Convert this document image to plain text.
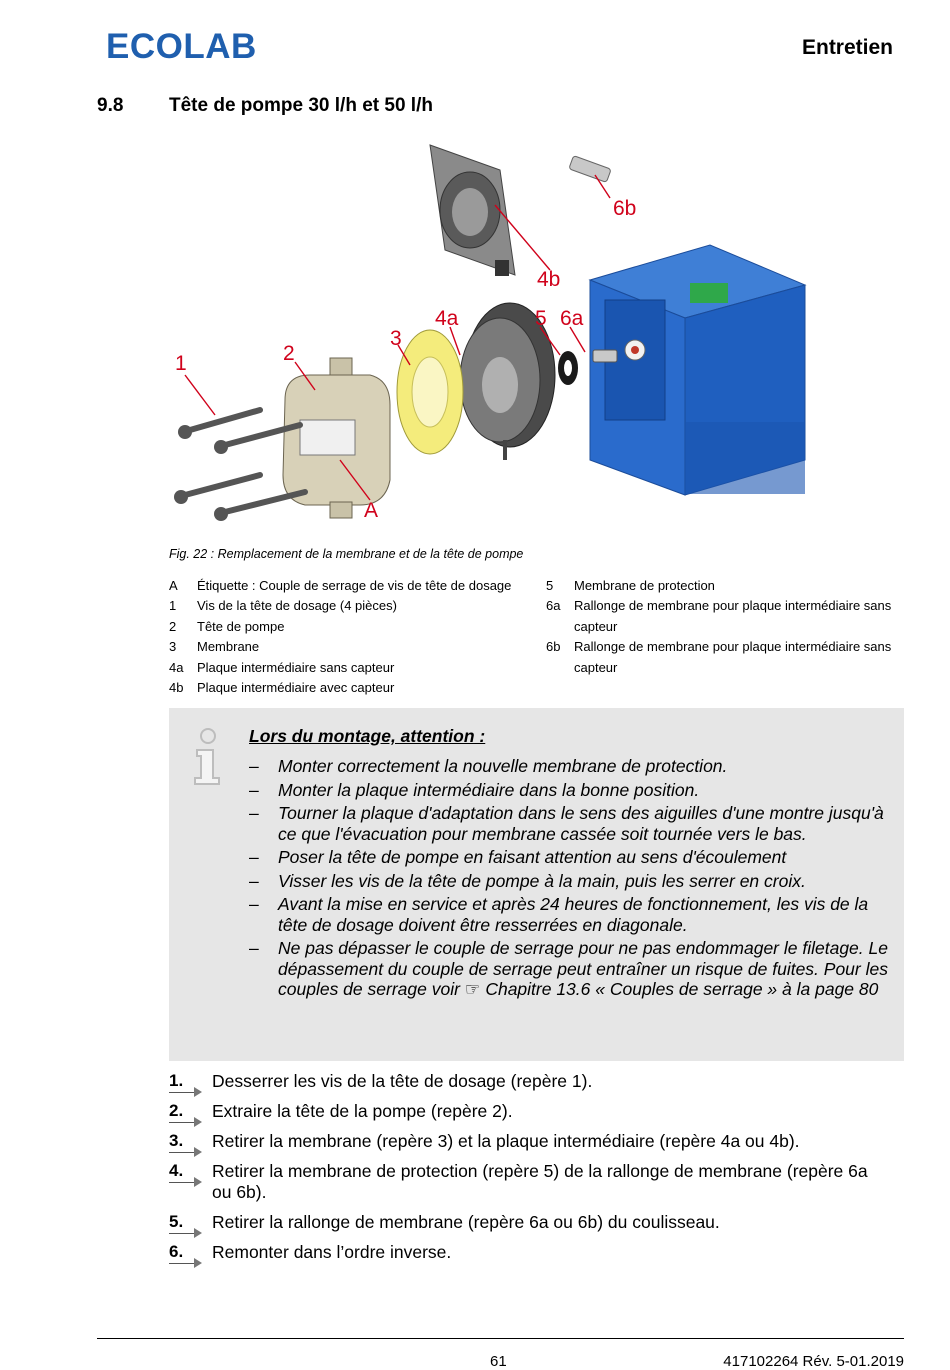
ECOLAB	Entretien
9.8 Tête de pompe 30 l/h et 50 l/h
1	2
3
4a
4b
5 6a
6b
A
Fig. 22 : Remplacement de la membrane et de la tête de pompe
A	Étiquette : Couple de serrage de vis de tête de dosage
1	Vis de la tête de dosage (4 pièces)
2	Tête de pompe
3	Membrane
4a	Plaque intermédiaire sans capteur
4b	Plaque intermédiaire avec capteur
5	Membrane de protection
6a	Rallonge de membrane pour plaque intermédiaire sans capteur
6b	Rallonge de membrane pour plaque intermédiaire sans capteur
Lors du montage, attention :
– Monter correctement la nouvelle membrane de protection.
– Monter la plaque intermédiaire dans la bonne position.
– Tourner la plaque d'adaptation dans le sens des aiguilles d'une montre jusqu'à ce que l'évacuation pour membrane cassée soit tournée vers le bas.
– Poser la tête de pompe en faisant attention au sens d'écoulement
– Visser les vis de la tête de pompe à la main, puis les serrer en croix.
– Avant la mise en service et après 24 heures de fonctionnement, les vis de la tête de dosage doivent être resserrées en diagonale.
– Ne pas dépasser le couple de serrage pour ne pas endommager le filetage. Le dépassement du couple de serrage peut entraîner un risque de fuites. Pour les couples de serrage voir ☞ Chapitre 13.6 « Couples de serrage » à la page 80
1. Desserrer les vis de la tête de dosage (repère 1).
2. Extraire la tête de la pompe (repère 2).
3. Retirer la membrane (repère 3) et la plaque intermédiaire (repère 4a ou 4b).
4. Retirer la membrane de protection (repère 5) de la rallonge de membrane (repère 6a ou 6b).
5. Retirer la rallonge de membrane (repère 6a ou 6b) du coulisseau.
6. Remonter dans l’ordre inverse.
61	417102264 Rév. 5-01.2019
